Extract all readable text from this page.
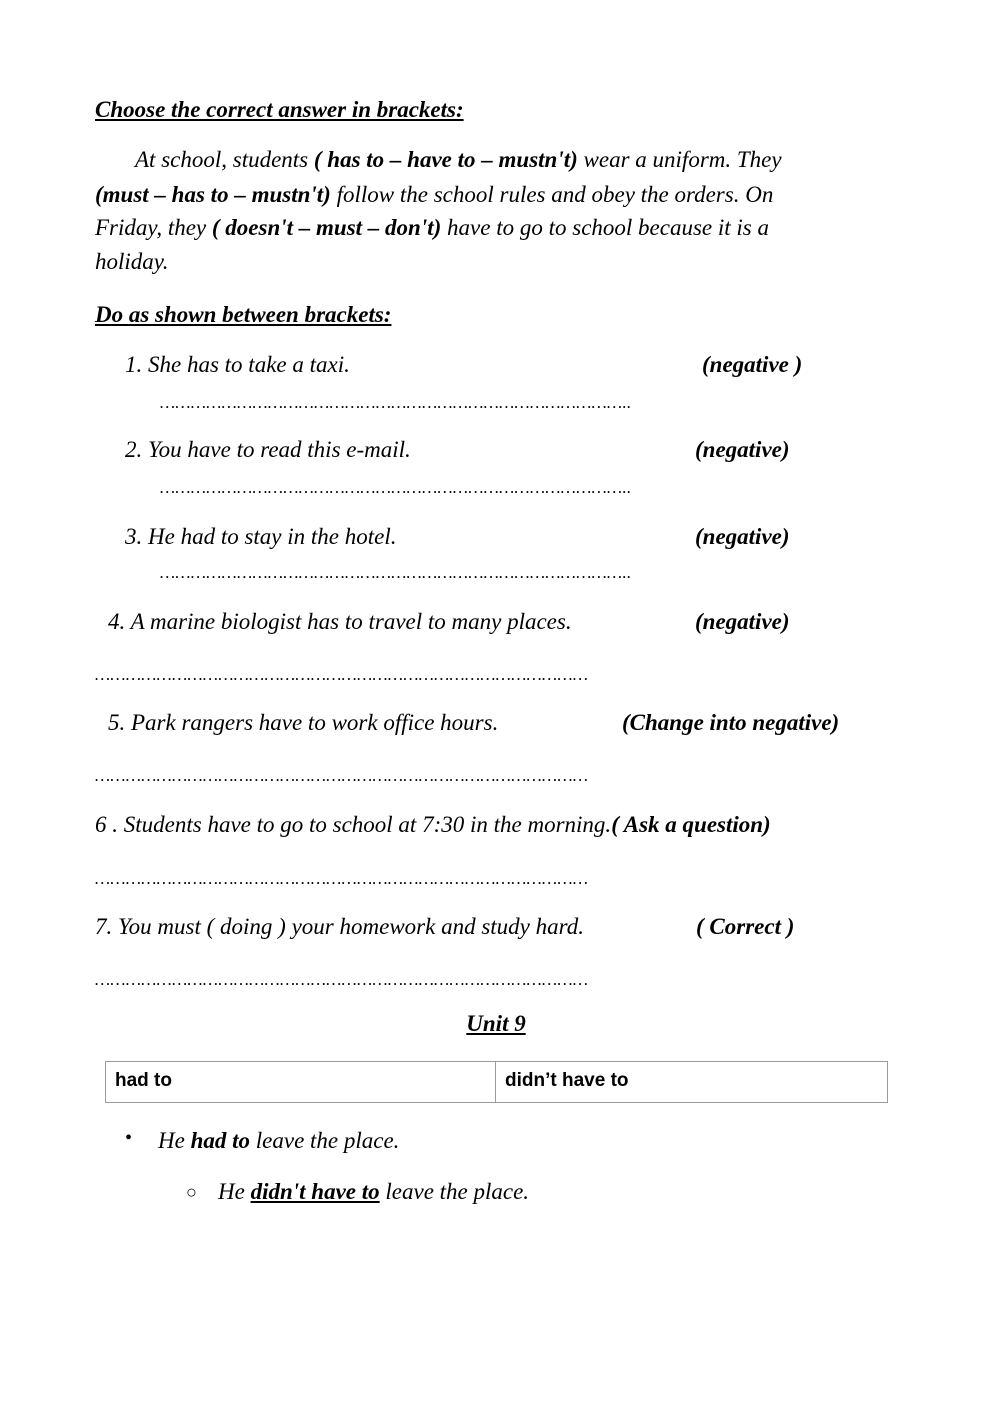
Choose the correct answer in brackets:
At school, students ( has to – have to – mustn't) wear a uniform. They
(must – has to – mustn't) follow the school rules and obey the orders. On
Friday, they ( doesn't – must – don't) have to go to school because it is a
holiday.
Do as shown between brackets:
1. She has to take a taxi.	(negative )
………………………………………………………………………………..
2. You have to read this e-mail.	(negative)
………………………………………………………………………………..
3. He had to stay in the hotel.	(negative)
………………………………………………………………………………..
4. A marine biologist has to travel to many places.	(negative)
……………………………………………………………………………………
5. Park rangers have to work office hours.	(Change into negative)
……………………………………………………………………………………
6 . Students have to go to school at 7:30 in the morning.( Ask a question)
……………………………………………………………………………………
7. You must ( doing ) your homework and study hard.	( Correct )
……………………………………………………………………………………
Unit 9
had to	didn’t have to
• He had to leave the place.
○ He didn't have to leave the place.
